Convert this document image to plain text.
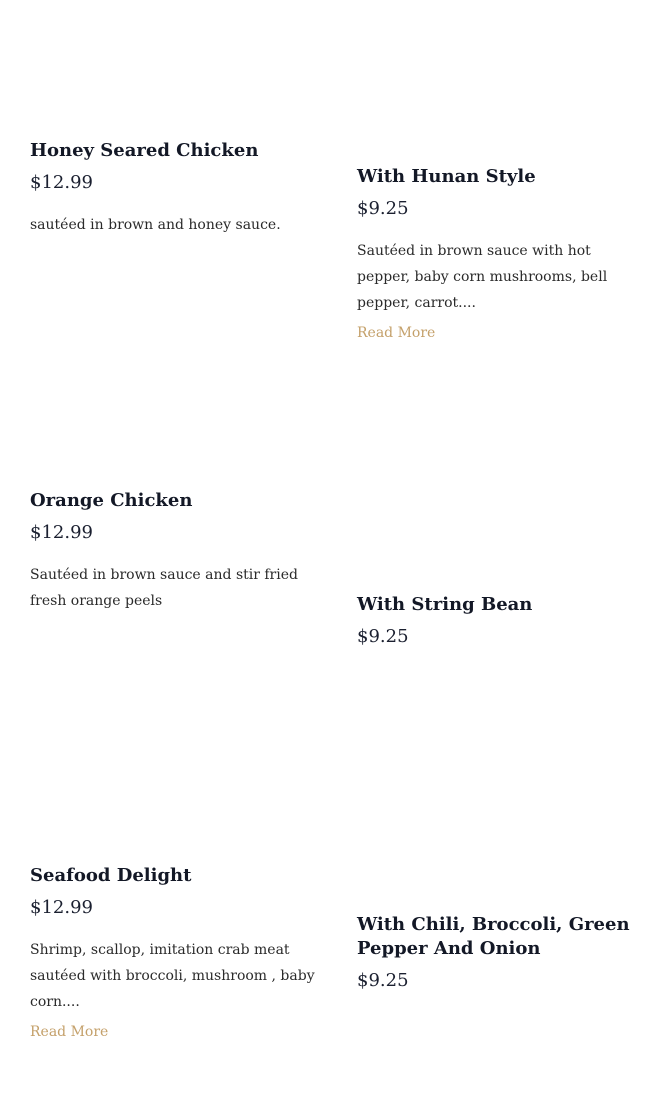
Honey Seared Chicken
$12.99
sautéed in brown and honey sauce.
With Hunan Style
$9.25
Sautéed in brown sauce with hot pepper, baby corn mushrooms, bell pepper, carrot....
Read More
Orange Chicken
$12.99
Sautéed in brown sauce and stir fried fresh orange peels	With String Bean
$9.25
Seafood Delight
$12.99
Shrimp, scallop, imitation crab meat sautéed with broccoli, mushroom , baby corn....
Read More
With Chili, Broccoli, Green Pepper And Onion
$9.25
